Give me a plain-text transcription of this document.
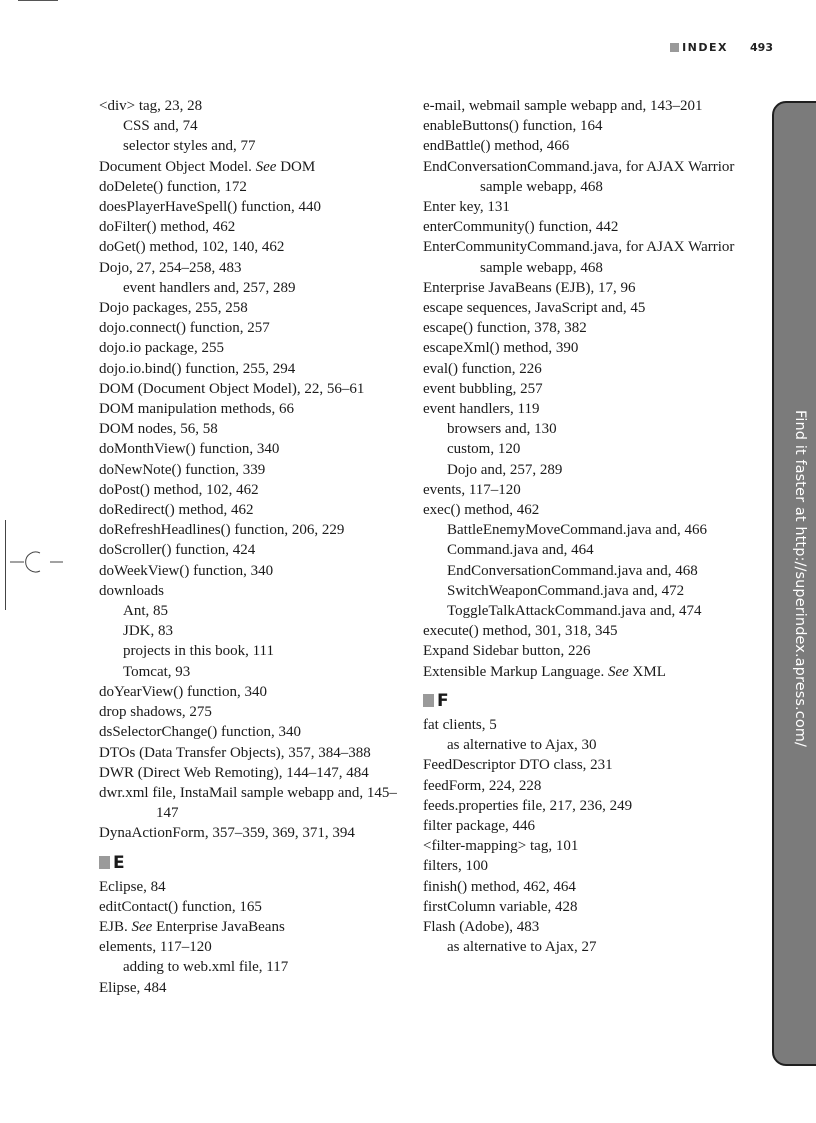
INDEX 493
<div> tag, 23, 28
CSS and, 74
selector styles and, 77
Document Object Model. See DOM
doDelete() function, 172
doesPlayerHaveSpell() function, 440
doFilter() method, 462
doGet() method, 102, 140, 462
Dojo, 27, 254–258, 483
event handlers and, 257, 289
Dojo packages, 255, 258
dojo.connect() function, 257
dojo.io package, 255
dojo.io.bind() function, 255, 294
DOM (Document Object Model), 22, 56–61
DOM manipulation methods, 66
DOM nodes, 56, 58
doMonthView() function, 340
doNewNote() function, 339
doPost() method, 102, 462
doRedirect() method, 462
doRefreshHeadlines() function, 206, 229
doScroller() function, 424
doWeekView() function, 340
downloads
Ant, 85
JDK, 83
projects in this book, 111
Tomcat, 93
doYearView() function, 340
drop shadows, 275
dsSelectorChange() function, 340
DTOs (Data Transfer Objects), 357, 384–388
DWR (Direct Web Remoting), 144–147, 484
dwr.xml file, InstaMail sample webapp and, 145–147
DynaActionForm, 357–359, 369, 371, 394
E
Eclipse, 84
editContact() function, 165
EJB. See Enterprise JavaBeans
elements, 117–120
adding to web.xml file, 117
Elipse, 484
e-mail, webmail sample webapp and, 143–201
enableButtons() function, 164
endBattle() method, 466
EndConversationCommand.java, for AJAX Warrior sample webapp, 468
Enter key, 131
enterCommunity() function, 442
EnterCommunityCommand.java, for AJAX Warrior sample webapp, 468
Enterprise JavaBeans (EJB), 17, 96
escape sequences, JavaScript and, 45
escape() function, 378, 382
escapeXml() method, 390
eval() function, 226
event bubbling, 257
event handlers, 119
browsers and, 130
custom, 120
Dojo and, 257, 289
events, 117–120
exec() method, 462
BattleEnemyMoveCommand.java and, 466
Command.java and, 464
EndConversationCommand.java and, 468
SwitchWeaponCommand.java and, 472
ToggleTalkAttackCommand.java and, 474
execute() method, 301, 318, 345
Expand Sidebar button, 226
Extensible Markup Language. See XML
F
fat clients, 5
as alternative to Ajax, 30
FeedDescriptor DTO class, 231
feedForm, 224, 228
feeds.properties file, 217, 236, 249
filter package, 446
<filter-mapping> tag, 101
filters, 100
finish() method, 462, 464
firstColumn variable, 428
Flash (Adobe), 483
as alternative to Ajax, 27
Find it faster at http://superindex.apress.com/
